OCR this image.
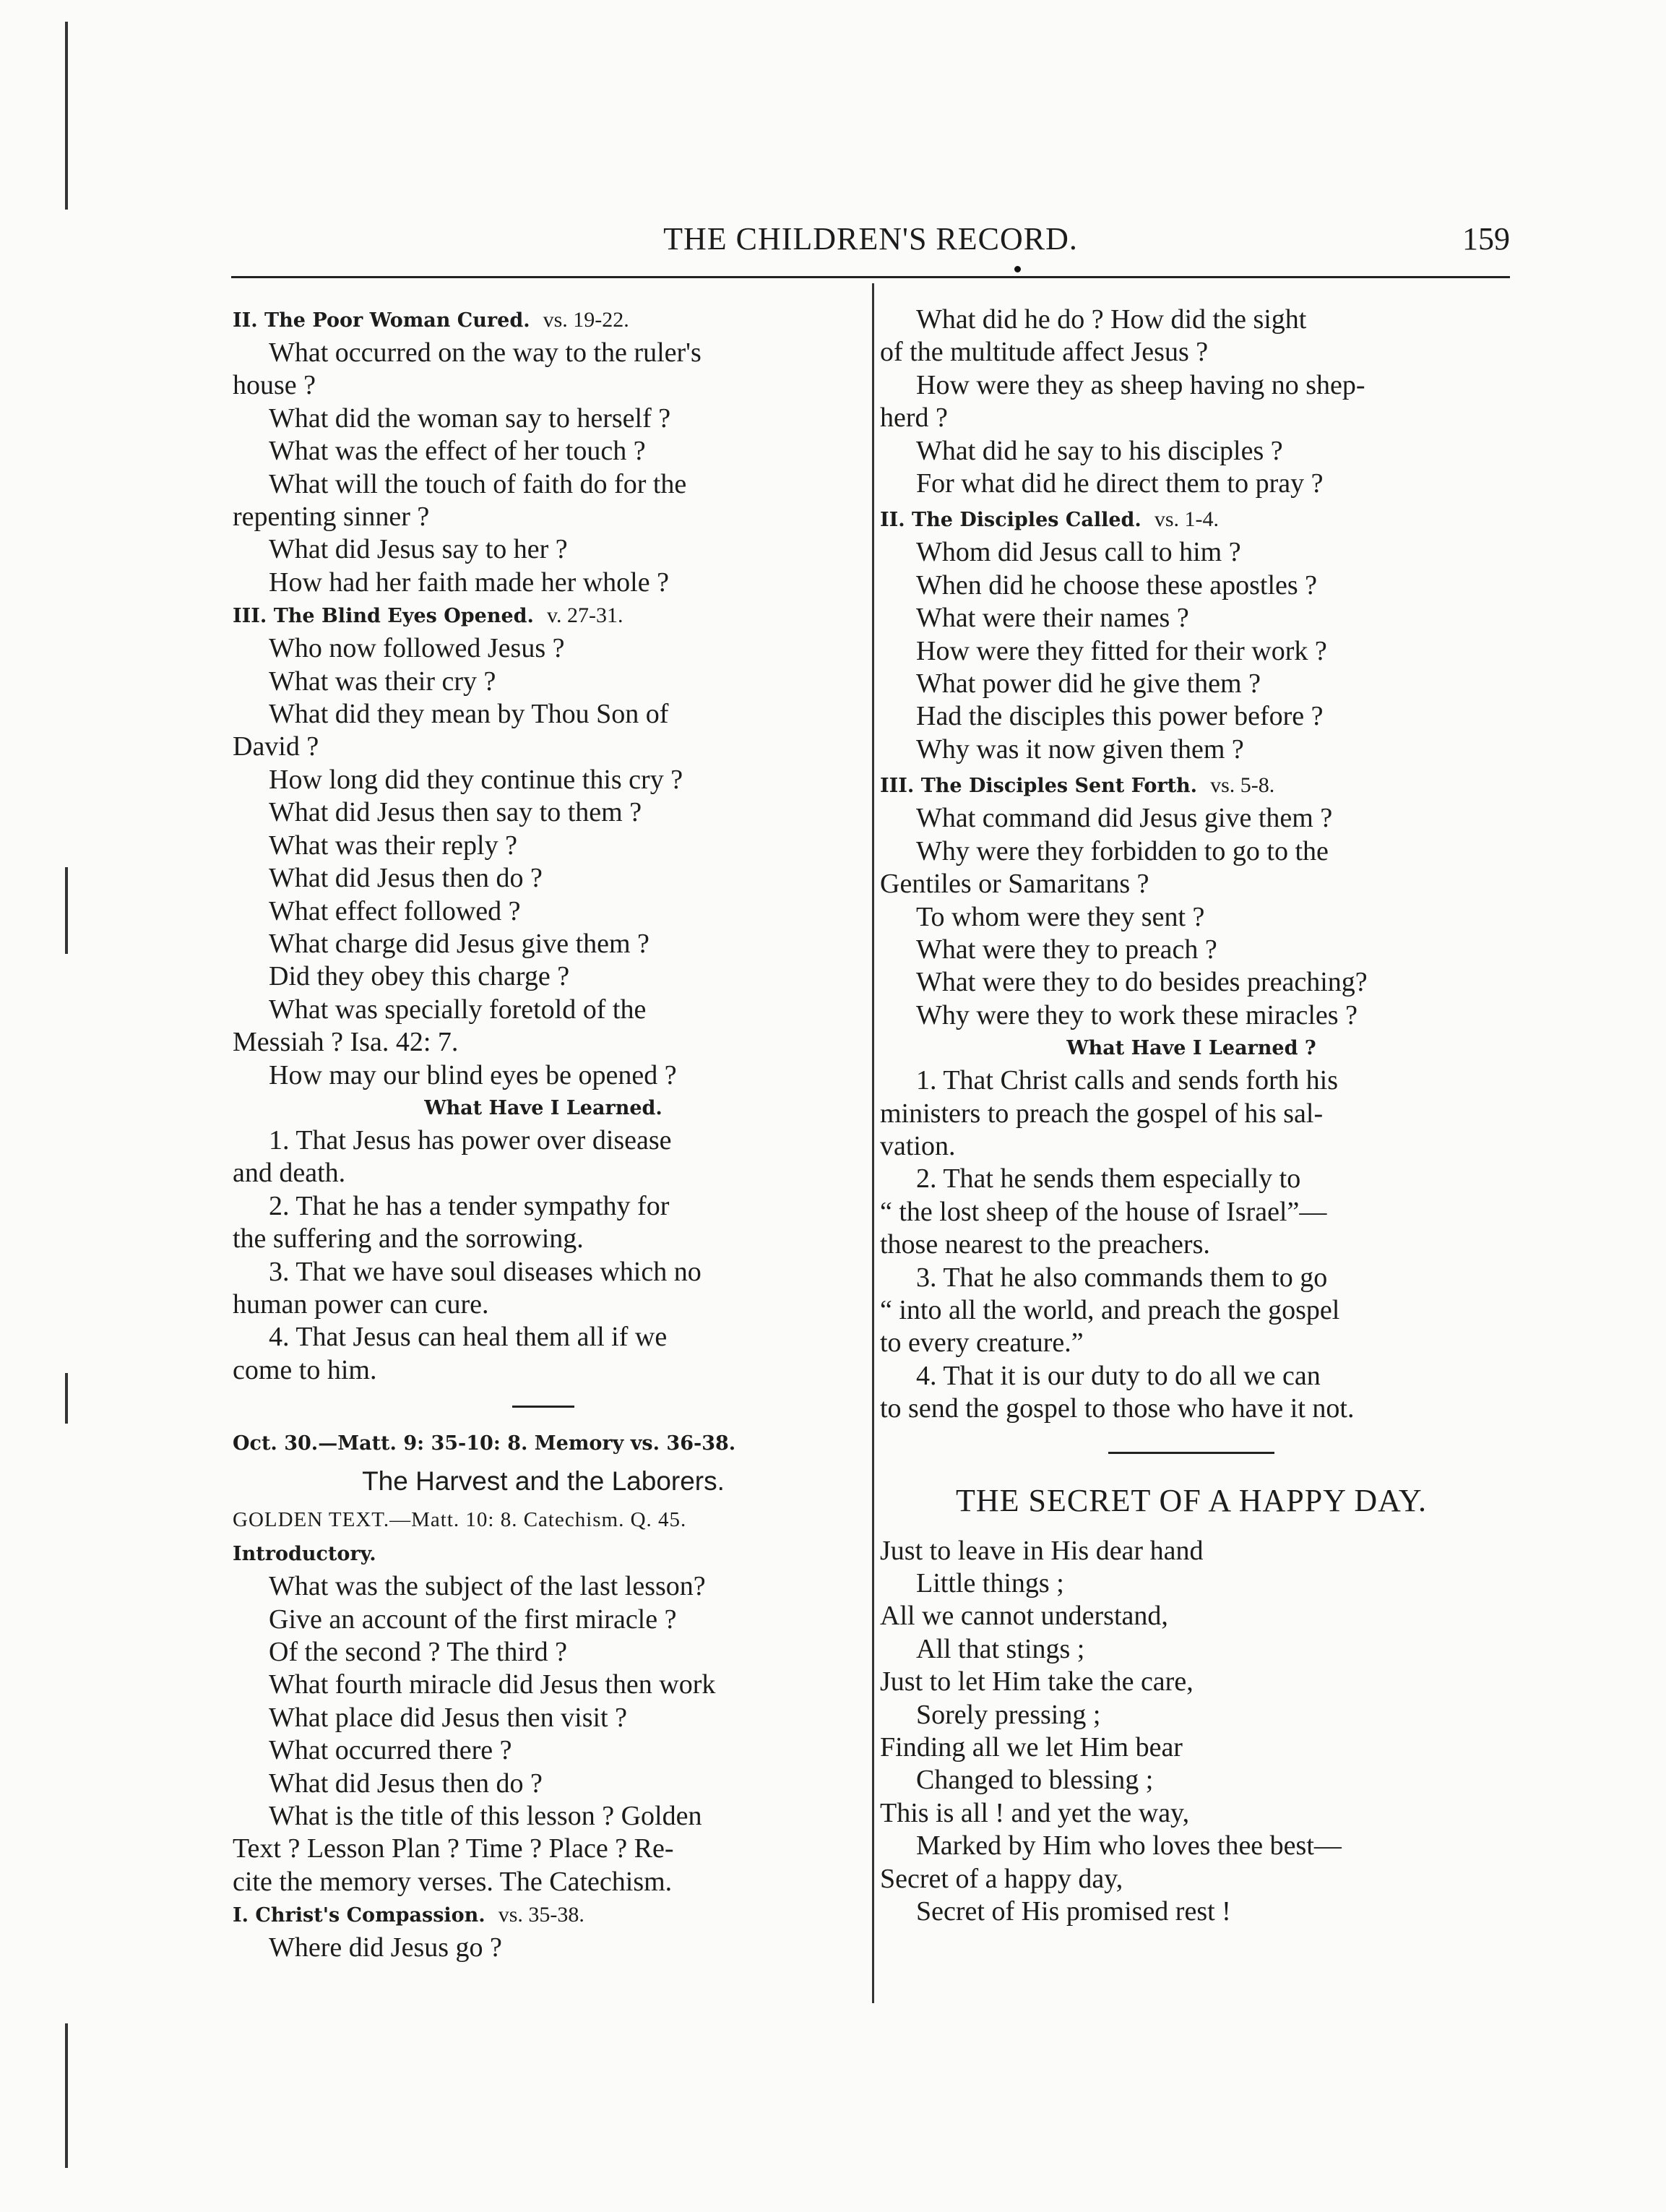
THE CHILDREN'S RECORD.	159
II. The Poor Woman Cured. vs. 19-22.
What occurred on the way to the ruler's
house ?
What did the woman say to herself ?
What was the effect of her touch ?
What will the touch of faith do for the
repenting sinner ?
What did Jesus say to her ?
How had her faith made her whole ?
III. The Blind Eyes Opened. v. 27-31.
Who now followed Jesus ?
What was their cry ?
What did they mean by Thou Son of
David ?
How long did they continue this cry ?
What did Jesus then say to them ?
What was their reply ?
What did Jesus then do ?
What effect followed ?
What charge did Jesus give them ?
Did they obey this charge ?
What was specially foretold of the
Messiah ? Isa. 42: 7.
How may our blind eyes be opened ?
What Have I Learned.
1. That Jesus has power over disease
and death.
2. That he has a tender sympathy for
the suffering and the sorrowing.
3. That we have soul diseases which no
human power can cure.
4. That Jesus can heal them all if we
come to him.
Oct. 30.—Matt. 9: 35-10: 8. Memory vs. 36-38.
The Harvest and the Laborers.
GOLDEN TEXT.—Matt. 10: 8. Catechism. Q. 45.
Introductory.
What was the subject of the last lesson?
Give an account of the first miracle ?
Of the second ? The third ?
What fourth miracle did Jesus then work
What place did Jesus then visit ?
What occurred there ?
What did Jesus then do ?
What is the title of this lesson ? Golden
Text ? Lesson Plan ? Time ? Place ? Re-
cite the memory verses. The Catechism.
I. Christ's Compassion. vs. 35-38.
Where did Jesus go ?
What did he do ? How did the sight
of the multitude affect Jesus ?
How were they as sheep having no shep-
herd ?
What did he say to his disciples ?
For what did he direct them to pray ?
II. The Disciples Called. vs. 1-4.
Whom did Jesus call to him ?
When did he choose these apostles ?
What were their names ?
How were they fitted for their work ?
What power did he give them ?
Had the disciples this power before ?
Why was it now given them ?
III. The Disciples Sent Forth. vs. 5-8.
What command did Jesus give them ?
Why were they forbidden to go to the
Gentiles or Samaritans ?
To whom were they sent ?
What were they to preach ?
What were they to do besides preaching?
Why were they to work these miracles ?
What Have I Learned ?
1. That Christ calls and sends forth his
ministers to preach the gospel of his sal-
vation.
2. That he sends them especially to
“ the lost sheep of the house of Israel”—
those nearest to the preachers.
3. That he also commands them to go
“ into all the world, and preach the gospel
to every creature.”
4. That it is our duty to do all we can
to send the gospel to those who have it not.
THE SECRET OF A HAPPY DAY.
Just to leave in His dear hand
Little things ;
All we cannot understand,
All that stings ;
Just to let Him take the care,
Sorely pressing ;
Finding all we let Him bear
Changed to blessing ;
This is all ! and yet the way,
Marked by Him who loves thee best—
Secret of a happy day,
Secret of His promised rest !
